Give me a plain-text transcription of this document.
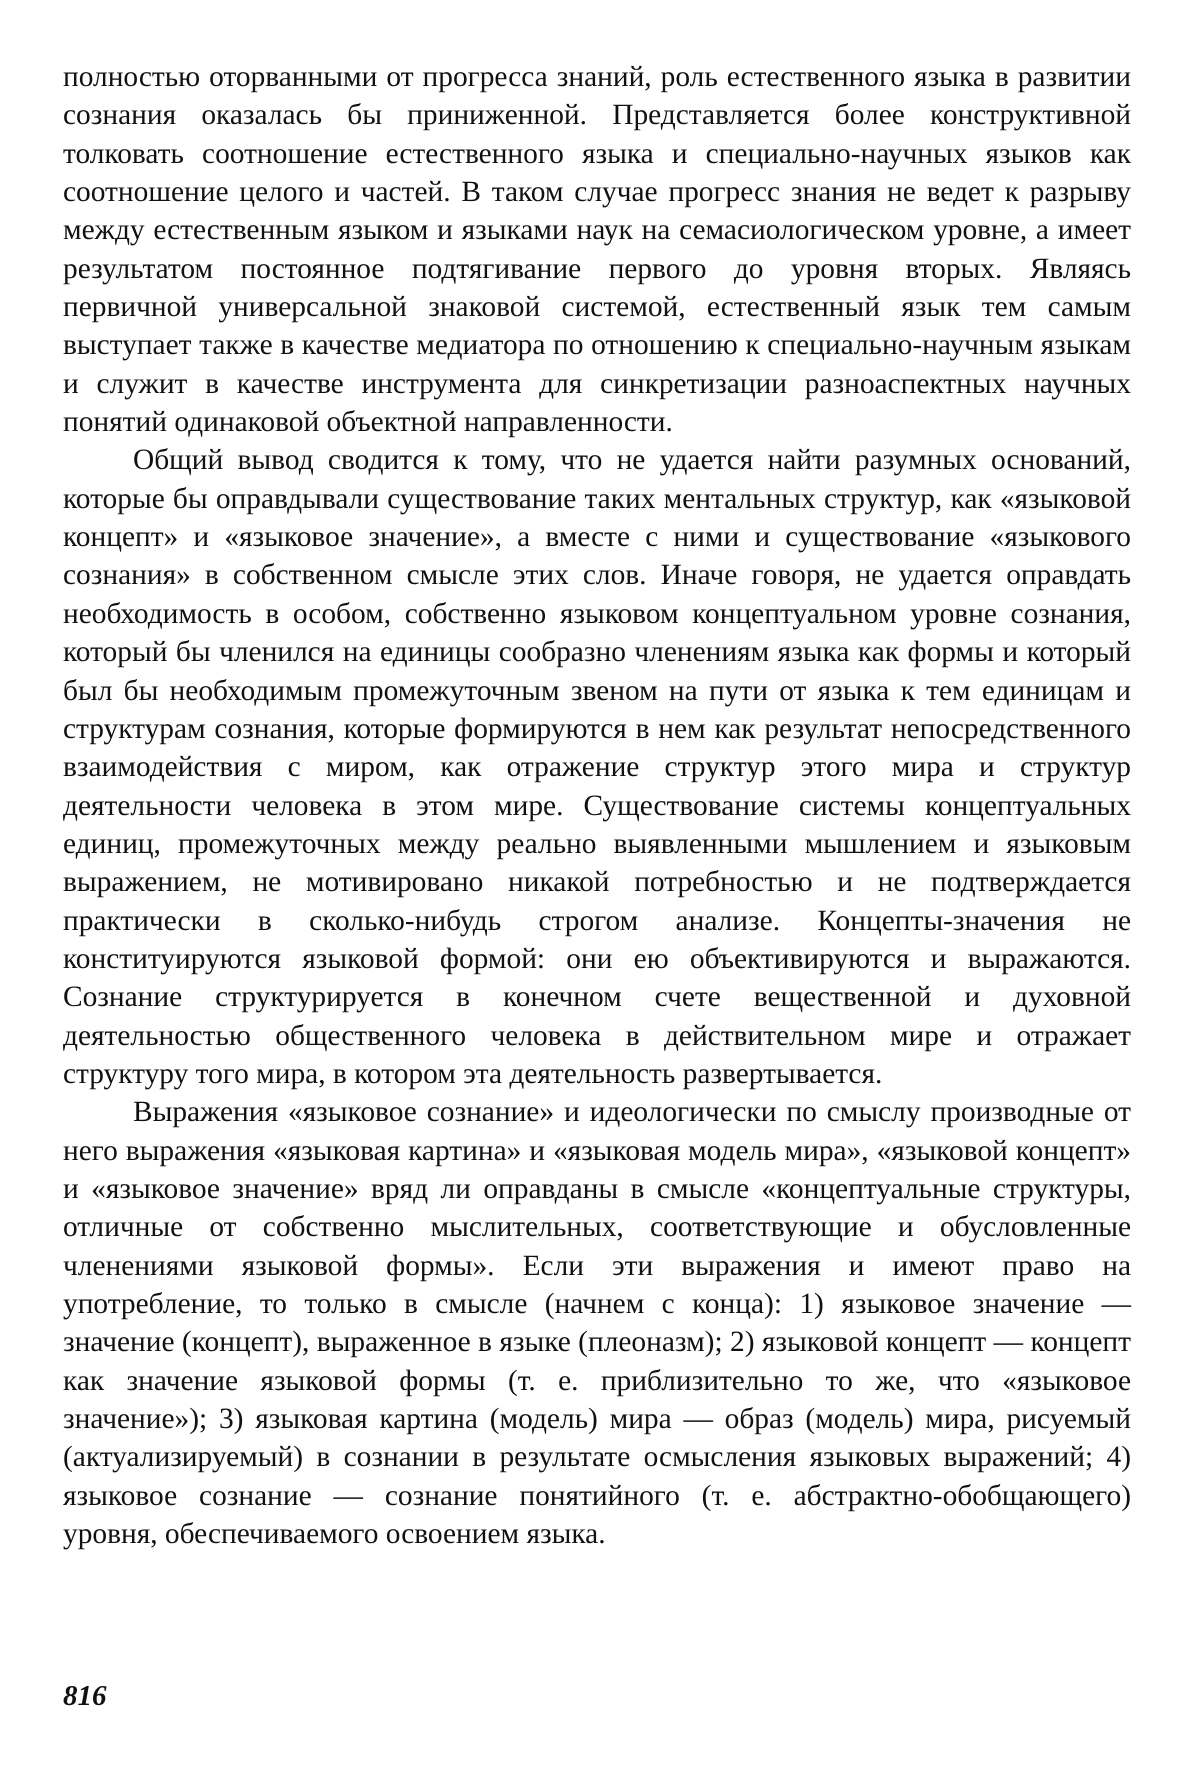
полностью оторванными от прогресса знаний, роль естественного языка в развитии сознания оказалась бы приниженной. Представляется более конструктивной толковать соотношение естественного языка и специально-научных языков как соотношение целого и частей. В таком случае прогресс знания не ведет к разрыву между естественным языком и языками наук на семасиологическом уровне, а имеет результатом постоянное подтягивание первого до уровня вторых. Являясь первичной универсальной знаковой системой, естественный язык тем самым выступает также в качестве медиатора по отношению к специально-научным языкам и служит в качестве инструмента для синкретизации разноаспектных научных понятий одинаковой объектной направленности.

Общий вывод сводится к тому, что не удается найти разумных оснований, которые бы оправдывали существование таких ментальных структур, как «языковой концепт» и «языковое значение», а вместе с ними и существование «языкового сознания» в собственном смысле этих слов. Иначе говоря, не удается оправдать необходимость в особом, собственно языковом концептуальном уровне сознания, который бы членился на единицы сообразно членениям языка как формы и который был бы необходимым промежуточным звеном на пути от языка к тем единицам и структурам сознания, которые формируются в нем как результат непосредственного взаимодействия с миром, как отражение структур этого мира и структур деятельности человека в этом мире. Существование системы концептуальных единиц, промежуточных между реально выявленными мышлением и языковым выражением, не мотивировано никакой потребностью и не подтверждается практически в сколько-нибудь строгом анализе. Концепты-значения не конституируются языковой формой: они ею объективируются и выражаются. Сознание структурируется в конечном счете вещественной и духовной деятельностью общественного человека в действительном мире и отражает структуру того мира, в котором эта деятельность развертывается.

Выражения «языковое сознание» и идеологически по смыслу производные от него выражения «языковая картина» и «языковая модель мира», «языковой концепт» и «языковое значение» вряд ли оправданы в смысле «концептуальные структуры, отличные от собственно мыслительных, соответствующие и обусловленные членениями языковой формы». Если эти выражения и имеют право на употребление, то только в смысле (начнем с конца): 1) языковое значение — значение (концепт), выраженное в языке (плеоназм); 2) языковой концепт — концепт как значение языковой формы (т. е. приблизительно то же, что «языковое значение»); 3) языковая картина (модель) мира — образ (модель) мира, рисуемый (актуализируемый) в сознании в результате осмысления языковых выражений; 4) языковое сознание — сознание понятийного (т. е. абстрактно-обобщающего) уровня, обеспечиваемого освоением языка.

816
